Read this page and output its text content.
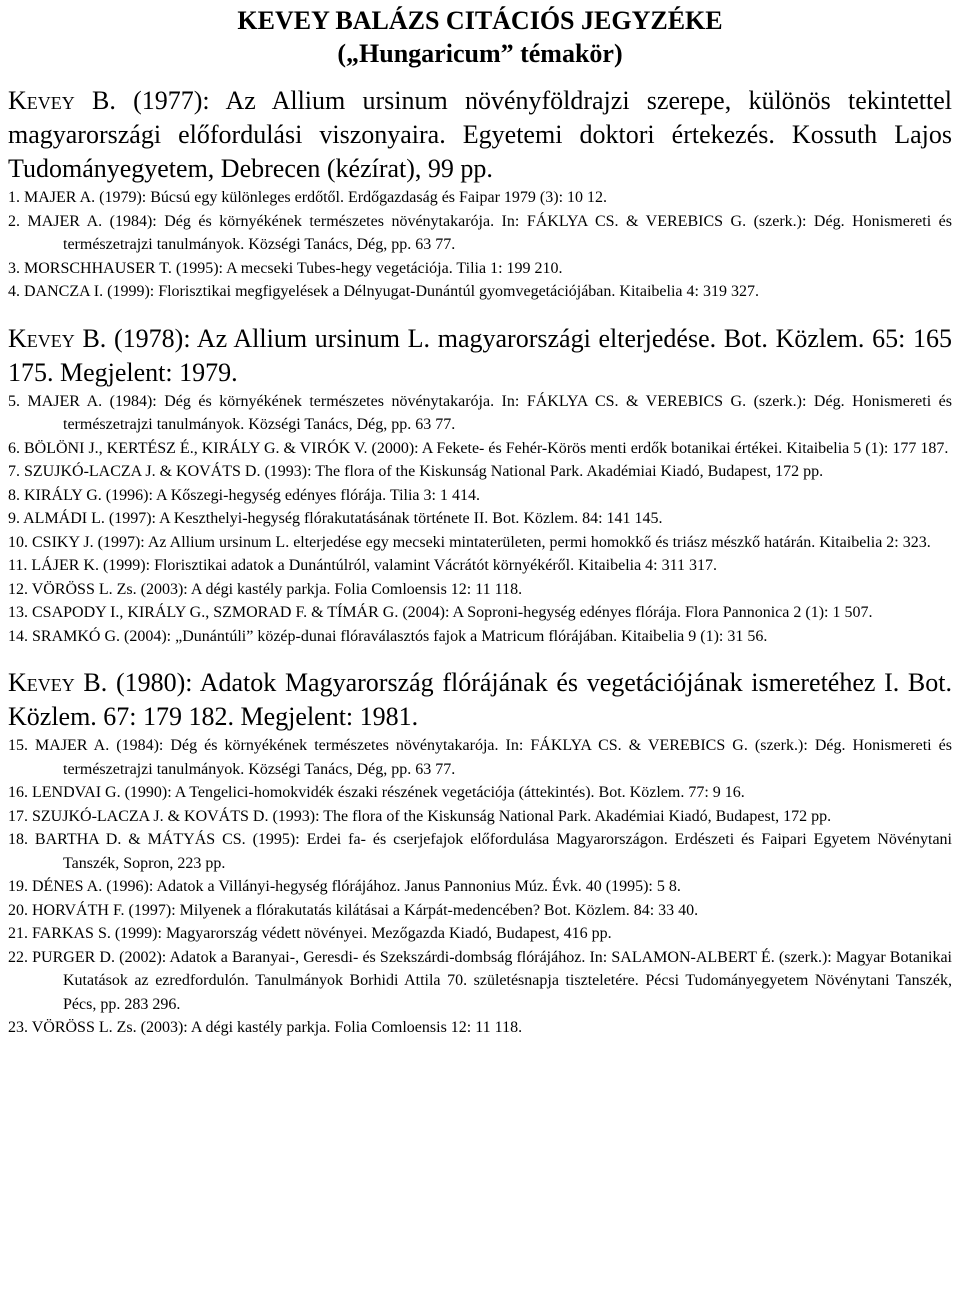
KEVEY BALÁZS CITÁCIÓS JEGYZÉKE
(„Hungaricum” témakör)
Kevey B. (1977): Az Allium ursinum növényföldrajzi szerepe, különös tekintettel magyarországi előfordulási viszonyaira. Egyetemi doktori értekezés. Kossuth Lajos Tudományegyetem, Debrecen (kézírat), 99 pp.
1. MAJER A. (1979): Búcsú egy különleges erdőtől. Erdőgazdaság és Faipar 1979 (3): 10 12.
2. MAJER A. (1984): Dég és környékének természetes növénytakarója. In: FÁKLYA CS. & VEREBICS G. (szerk.): Dég. Honismereti és természetrajzi tanulmányok. Községi Tanács, Dég, pp. 63 77.
3. MORSCHHAUSER T. (1995): A mecseki Tubes-hegy vegetációja. Tilia 1: 199 210.
4. DANCZA I. (1999): Florisztikai megfigyelések a Délnyugat-Dunántúl gyomvegetációjában. Kitaibelia 4: 319 327.
Kevey B. (1978): Az Allium ursinum L. magyarországi elterjedése. Bot. Közlem. 65: 165 175. Megjelent: 1979.
5. MAJER A. (1984): Dég és környékének természetes növénytakarója. In: FÁKLYA CS. & VEREBICS G. (szerk.): Dég. Honismereti és természetrajzi tanulmányok. Községi Tanács, Dég, pp. 63 77.
6. BÖLÖNI J., KERTÉSZ É., KIRÁLY G. & VIRÓK V. (2000): A Fekete- és Fehér-Körös menti erdők botanikai értékei. Kitaibelia 5 (1): 177 187.
7. SZUJKÓ-LACZA J. & KOVÁTS D. (1993): The flora of the Kiskunság National Park. Akadémiai Kiadó, Budapest, 172 pp.
8. KIRÁLY G. (1996): A Kőszegi-hegység edényes flórája. Tilia 3: 1 414.
9. ALMÁDI L. (1997): A Keszthelyi-hegység flórakutatásának története II. Bot. Közlem. 84: 141 145.
10. CSIKY J. (1997): Az Allium ursinum L. elterjedése egy mecseki mintaterületen, permi homokkő és triász mészkő határán. Kitaibelia 2: 323.
11. LÁJER K. (1999): Florisztikai adatok a Dunántúlról, valamint Vácrátót környékéről. Kitaibelia 4: 311 317.
12. VÖRÖSS L. Zs. (2003): A dégi kastély parkja. Folia Comloensis 12: 11 118.
13. CSAPODY I., KIRÁLY G., SZMORAD F. & TÍMÁR G. (2004): A Soproni-hegység edényes flórája. Flora Pannonica 2 (1): 1 507.
14. SRAMKÓ G. (2004): „Dunántúli” közép-dunai flóraválasztós fajok a Matricum flórájában. Kitaibelia 9 (1): 31 56.
Kevey B. (1980): Adatok Magyarország flórájának és vegetációjának ismeretéhez I. Bot. Közlem. 67: 179 182. Megjelent: 1981.
15. MAJER A. (1984): Dég és környékének természetes növénytakarója. In: FÁKLYA CS. & VEREBICS G. (szerk.): Dég. Honismereti és természetrajzi tanulmányok. Községi Tanács, Dég, pp. 63 77.
16. LENDVAI G. (1990): A Tengelici-homokvidék északi részének vegetációja (áttekintés). Bot. Közlem. 77: 9 16.
17. SZUJKÓ-LACZA J. & KOVÁTS D. (1993): The flora of the Kiskunság National Park. Akadémiai Kiadó, Budapest, 172 pp.
18. BARTHA D. & MÁTYÁS CS. (1995): Erdei fa- és cserjefajok előfordulása Magyarországon. Erdészeti és Faipari Egyetem Növénytani Tanszék, Sopron, 223 pp.
19. DÉNES A. (1996): Adatok a Villányi-hegység flórájához. Janus Pannonius Múz. Évk. 40 (1995): 5 8.
20. HORVÁTH F. (1997): Milyenek a flórakutatás kilátásai a Kárpát-medencében? Bot. Közlem. 84: 33 40.
21. FARKAS S. (1999): Magyarország védett növényei. Mezőgazda Kiadó, Budapest, 416 pp.
22. PURGER D. (2002): Adatok a Baranyai-, Geresdi- és Szekszárdi-dombság flórájához. In: SALAMON-ALBERT É. (szerk.): Magyar Botanikai Kutatások az ezredfordulón. Tanulmányok Borhidi Attila 70. születésnapja tiszteletére. Pécsi Tudományegyetem Növénytani Tanszék, Pécs, pp. 283 296.
23. VÖRÖSS L. Zs. (2003): A dégi kastély parkja. Folia Comloensis 12: 11 118.
